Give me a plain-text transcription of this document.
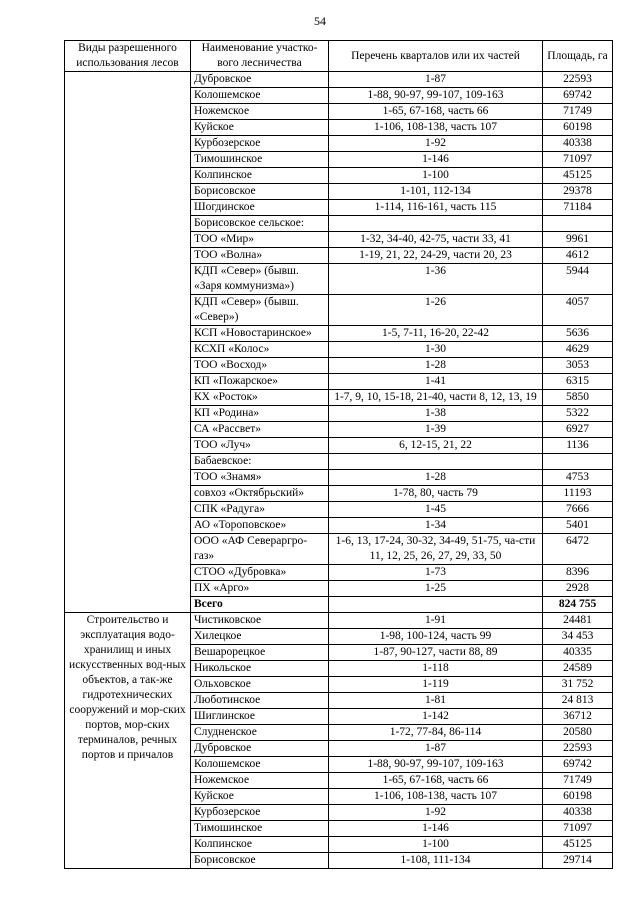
54
Виды разрешенного использования лесов	Наименование участко-вого лесничества	Перечень кварталов или их частей	Площадь, га
	Дубровское	1-87	22593
	Колошемское	1-88, 90-97, 99-107, 109-163	69742
	Ножемское	1-65, 67-168, часть 66	71749
	Куйское	1-106, 108-138, часть 107	60198
	Курбозерское	1-92	40338
	Тимошинское	1-146	71097
	Колпинское	1-100	45125
	Борисовское	1-101, 112-134	29378
	Шогдинское	1-114, 116-161, часть 115	71184
	Борисовское сельское:		
	ТОО «Мир»	1-32, 34-40, 42-75, части 33, 41	9961
	ТОО «Волна»	1-19, 21, 22, 24-29, части 20, 23	4612
	КДП «Север» (бывш. «Заря коммунизма»)	1-36	5944
	КДП «Север» (бывш. «Север»)	1-26	4057
	КСП «Новостаринское»	1-5, 7-11, 16-20, 22-42	5636
	КСХП «Колос»	1-30	4629
	ТОО «Восход»	1-28	3053
	КП «Пожарское»	1-41	6315
	КХ «Росток»	1-7, 9, 10, 15-18, 21-40, части 8, 12, 13, 19	5850
	КП «Родина»	1-38	5322
	СА «Рассвет»	1-39	6927
	ТОО «Луч»	6, 12-15, 21, 22	1136
	Бабаевское:		
	ТОО «Знамя»	1-28	4753
	совхоз «Октябрьский»	1-78, 80, часть 79	11193
	СПК «Радуга»	1-45	7666
	АО «Тороповское»	1-34	5401
	ООО «АФ Севераргро-газ»	1-6, 13, 17-24, 30-32, 34-49, 51-75, ча-сти 11, 12, 25, 26, 27, 29, 33, 50	6472
	СТОО «Дубровка»	1-73	8396
	ПХ «Арго»	1-25	2928
	Всего		824 755
Строительство и эксплуатация водо-хранилищ и иных искусственных вод-ных объектов, а так-же гидротехнических сооружений и мор-ских портов, мор-ских терминалов, речных портов и причалов	Чистиковское	1-91	24481
	Хилецкое	1-98, 100-124, часть 99	34 453
	Вешарорецкое	1-87, 90-127, части 88, 89	40335
	Никольское	1-118	24589
	Ольховское	1-119	31 752
	Люботинское	1-81	24 813
	Шиглинское	1-142	36712
	Слудненское	1-72, 77-84, 86-114	20580
	Дубровское	1-87	22593
	Колошемское	1-88, 90-97, 99-107, 109-163	69742
	Ножемское	1-65, 67-168, часть 66	71749
	Куйское	1-106, 108-138, часть 107	60198
	Курбозерское	1-92	40338
	Тимошинское	1-146	71097
	Колпинское	1-100	45125
	Борисовское	1-108, 111-134	29714
